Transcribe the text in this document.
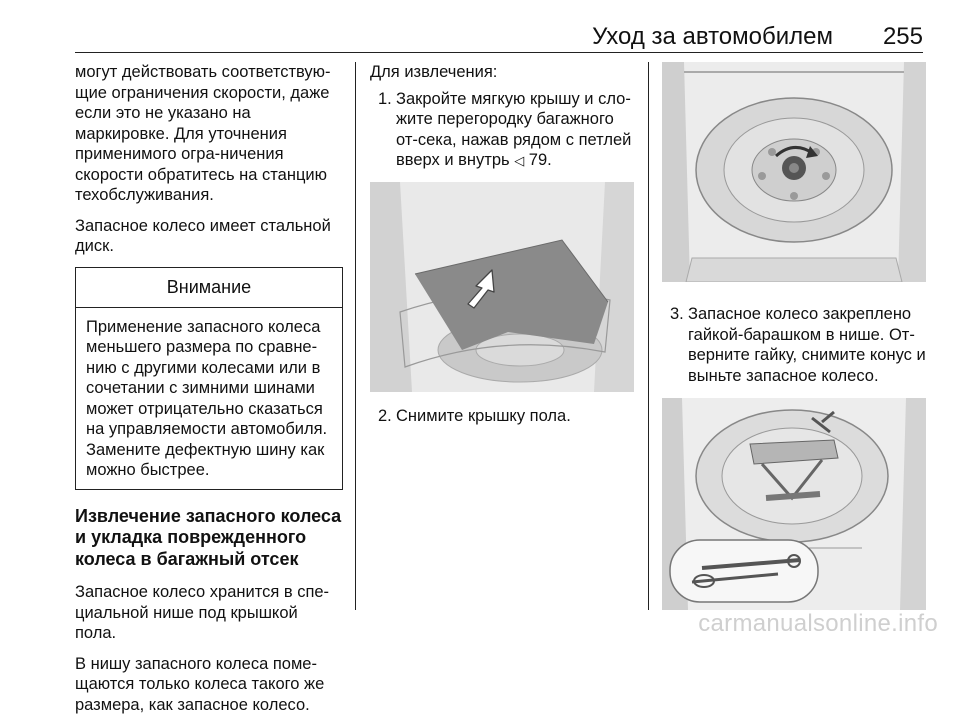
Уход за автомобилем 255

могут действовать соответствую-щие ограничения скорости, даже если это не указано на маркировке. Для уточнения применимого огра-ничения скорости обратитесь на станцию техобслуживания.

Запасное колесо имеет стальной диск.

Внимание
Применение запасного колеса меньшего размера по сравне-нию с другими колесами или в сочетании с зимними шинами может отрицательно сказаться на управляемости автомобиля. Замените дефектную шину как можно быстрее.
Извлечение запасного колеса и укладка поврежденного колеса в багажный отсек

Запасное колесо хранится в спе-циальной нише под крышкой пола.

В нишу запасного колеса поме-щаются только колеса такого же размера, как запасное колесо.

Для извлечения:

1. Закройте мягкую крышу и сло-жите перегородку багажного от-сека, нажав рядом с петлей вверх и внутрь ◁ 79.
2. Снимите крышку пола.
3. Запасное колесо закреплено гайкой-барашком в нише. От-верните гайку, снимите конус и выньте запасное колесо.
carmanualsonline.info
